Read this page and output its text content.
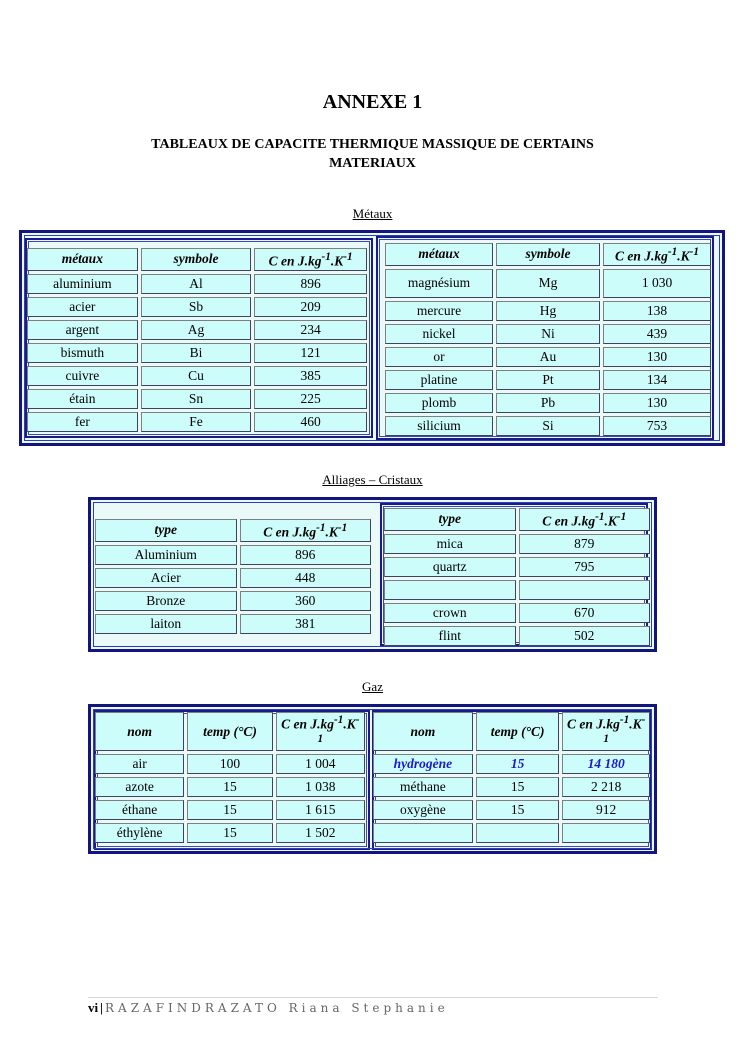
ANNEXE 1
TABLEAUX DE CAPACITE THERMIQUE MASSIQUE DE CERTAINS MATERIAUX
Métaux
métaux	symbole	C en $J.kg^{-1}.K^{-1}$
aluminium	Al	896
acier	Sb	209
argent	Ag	234
bismuth	Bi	121
cuivre	Cu	385
étain	Sn	225
fer	Fe	460
métaux	symbole	C en $J.kg^{-1}.K^{-1}$
magnésium	Mg	1 030
mercure	Hg	138
nickel	Ni	439
or	Au	130
platine	Pt	134
plomb	Pb	130
silicium	Si	753
Alliages – Cristaux
type	C en $J.kg^{-1}.K^{-1}$
Aluminium	896
Acier	448
Bronze	360
laiton	381
type	C en $J.kg^{-1}.K^{-1}$
mica	879
quartz	795

crown	670
flint	502
Gaz
nom	temp (°C)	C en $J.kg^{-1}.K^{-1}$

air	100	1 004
azote	15	1 038
éthane	15	1 615
éthylène	15	1 502
nom	temp (°C)	C en $J.kg^{-1}.K^{-1}$

hydrogène	15	14 180
méthane	15	2 218
oxygène	15	912

vi | RAZAFINDRAZATO Riana Stephanie
